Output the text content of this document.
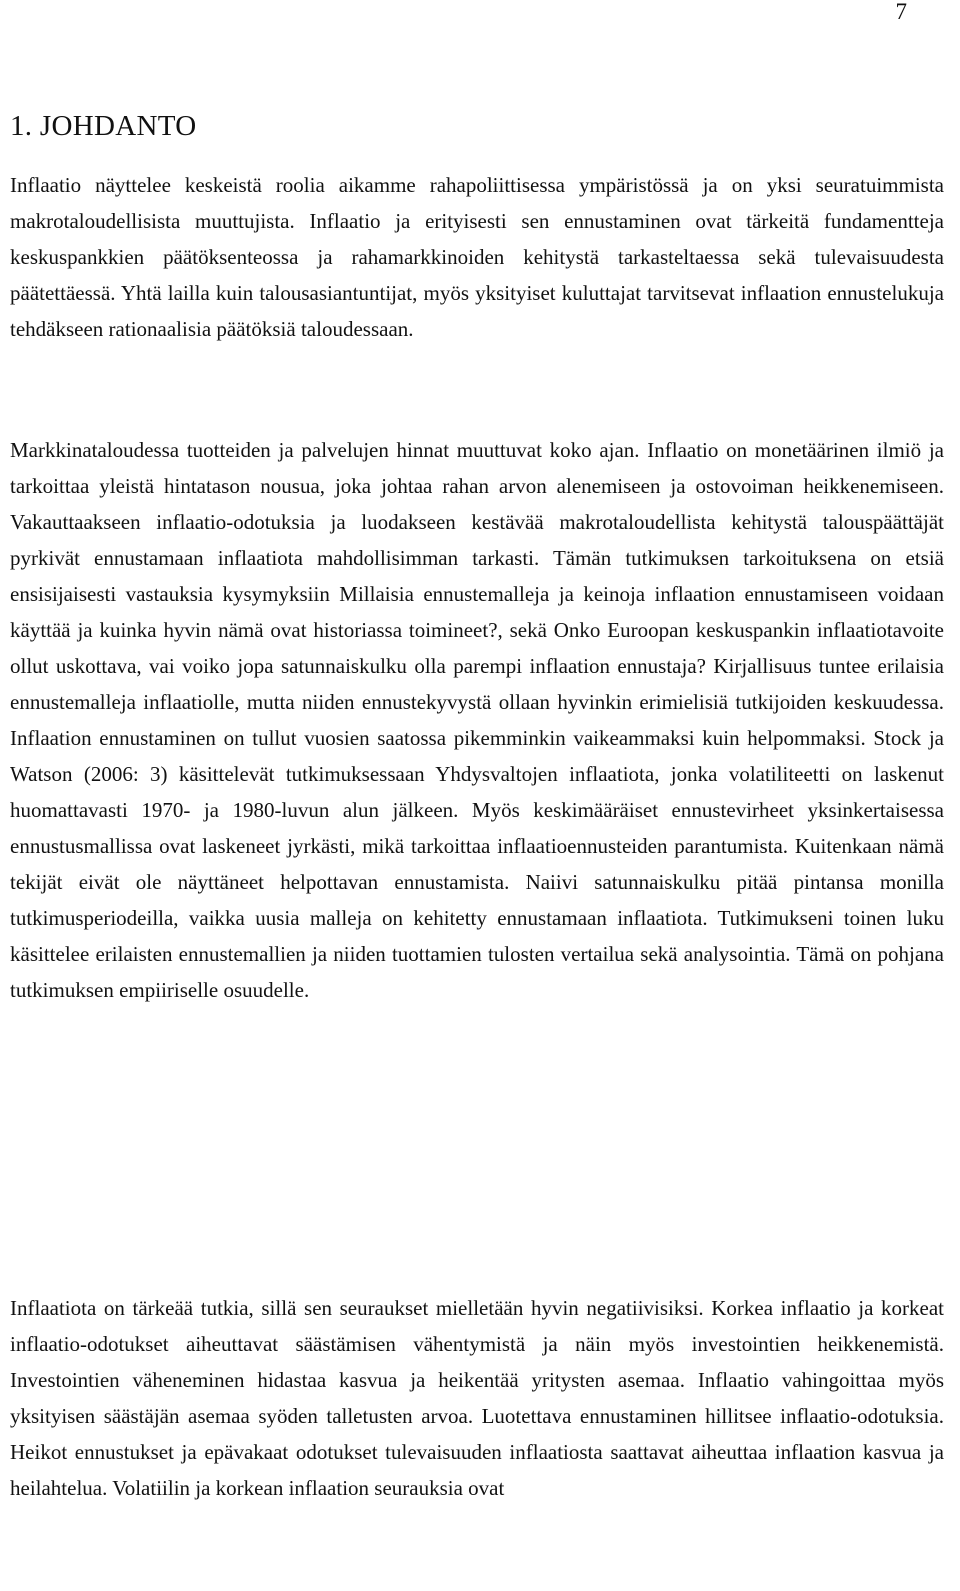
7
1. JOHDANTO

Inflaatio näyttelee keskeistä roolia aikamme rahapoliittisessa ympäristössä ja on yksi seuratuimmista makrotaloudellisista muuttujista. Inflaatio ja erityisesti sen ennustaminen ovat tärkeitä fundamentteja keskuspankkien päätöksenteossa ja rahamarkkinoiden kehitystä tarkasteltaessa sekä tulevaisuudesta päätettäessä. Yhtä lailla kuin talousasiantuntijat, myös yksityiset kuluttajat tarvitsevat inflaation ennustelukuja tehdäkseen rationaalisia päätöksiä taloudessaan.

Markkinataloudessa tuotteiden ja palvelujen hinnat muuttuvat koko ajan. Inflaatio on monetäärinen ilmiö ja tarkoittaa yleistä hintatason nousua, joka johtaa rahan arvon alenemiseen ja ostovoiman heikkenemiseen. Vakauttaakseen inflaatio-odotuksia ja luodakseen kestävää makrotaloudellista kehitystä talouspäättäjät pyrkivät ennustamaan inflaatiota mahdollisimman tarkasti. Tämän tutkimuksen tarkoituksena on etsiä ensisijaisesti vastauksia kysymyksiin Millaisia ennustemalleja ja keinoja inflaation ennustamiseen voidaan käyttää ja kuinka hyvin nämä ovat historiassa toimineet?, sekä Onko Euroopan keskuspankin inflaatiotavoite ollut uskottava, vai voiko jopa satunnaiskulku olla parempi inflaation ennustaja? Kirjallisuus tuntee erilaisia ennustemalleja inflaatiolle, mutta niiden ennustekyvystä ollaan hyvinkin erimielisiä tutkijoiden keskuudessa. Inflaation ennustaminen on tullut vuosien saatossa pikemminkin vaikeammaksi kuin helpommaksi. Stock ja Watson (2006: 3) käsittelevät tutkimuksessaan Yhdysvaltojen inflaatiota, jonka volatiliteetti on laskenut huomattavasti 1970- ja 1980-luvun alun jälkeen. Myös keskimääräiset ennustevirheet yksinkertaisessa ennustusmallissa ovat laskeneet jyrkästi, mikä tarkoittaa inflaatioennusteiden parantumista. Kuitenkaan nämä tekijät eivät ole näyttäneet helpottavan ennustamista. Naiivi satunnaiskulku pitää pintansa monilla tutkimusperiodeilla, vaikka uusia malleja on kehitetty ennustamaan inflaatiota. Tutkimukseni toinen luku käsittelee erilaisten ennustemallien ja niiden tuottamien tulosten vertailua sekä analysointia. Tämä on pohjana tutkimuksen empiiriselle osuudelle.

Inflaatiota on tärkeää tutkia, sillä sen seuraukset mielletään hyvin negatiivisiksi. Korkea inflaatio ja korkeat inflaatio-odotukset aiheuttavat säästämisen vähentymistä ja näin myös investointien heikkenemistä. Investointien väheneminen hidastaa kasvua ja heikentää yritysten asemaa. Inflaatio vahingoittaa myös yksityisen säästäjän asemaa syöden talletusten arvoa. Luotettava ennustaminen hillitsee inflaatio-odotuksia. Heikot ennustukset ja epävakaat odotukset tulevaisuuden inflaatiosta saattavat aiheuttaa inflaation kasvua ja heilahtelua. Volatiilin ja korkean inflaation seurauksia ovat
